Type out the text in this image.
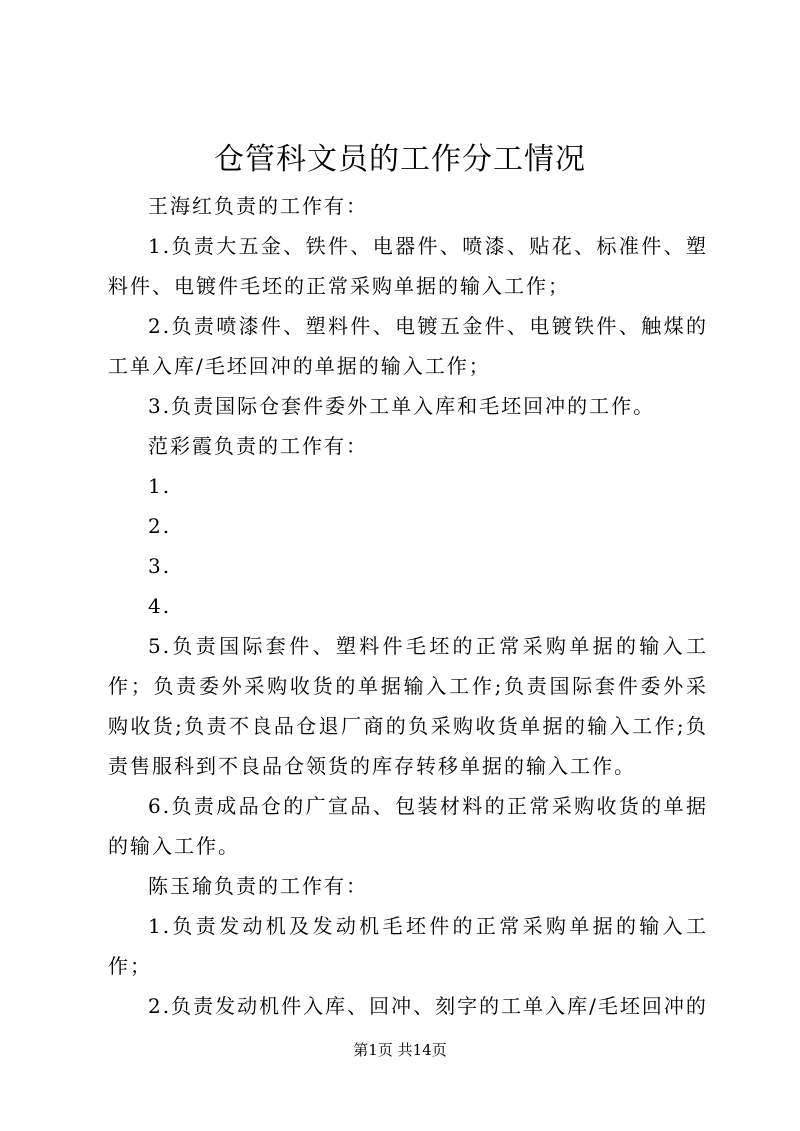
仓管科文员的工作分工情况

王海红负责的工作有：

1.负责大五金、铁件、电器件、喷漆、贴花、标准件、塑料件、电镀件毛坯的正常采购单据的输入工作；

2.负责喷漆件、塑料件、电镀五金件、电镀铁件、触煤的工单入库/毛坯回冲的单据的输入工作；

3.负责国际仓套件委外工单入库和毛坯回冲的工作。

范彩霞负责的工作有：

1.

2.

3.

4.

5.负责国际套件、塑料件毛坯的正常采购单据的输入工作；负责委外采购收货的单据输入工作;负责国际套件委外采购收货;负责不良品仓退厂商的负采购收货单据的输入工作;负责售服科到不良品仓领货的库存转移单据的输入工作。

6.负责成品仓的广宣品、包装材料的正常采购收货的单据的输入工作。

陈玉瑜负责的工作有：

1.负责发动机及发动机毛坯件的正常采购单据的输入工作；

2.负责发动机件入库、回冲、刻字的工单入库/毛坯回冲的

第1页 共14页
